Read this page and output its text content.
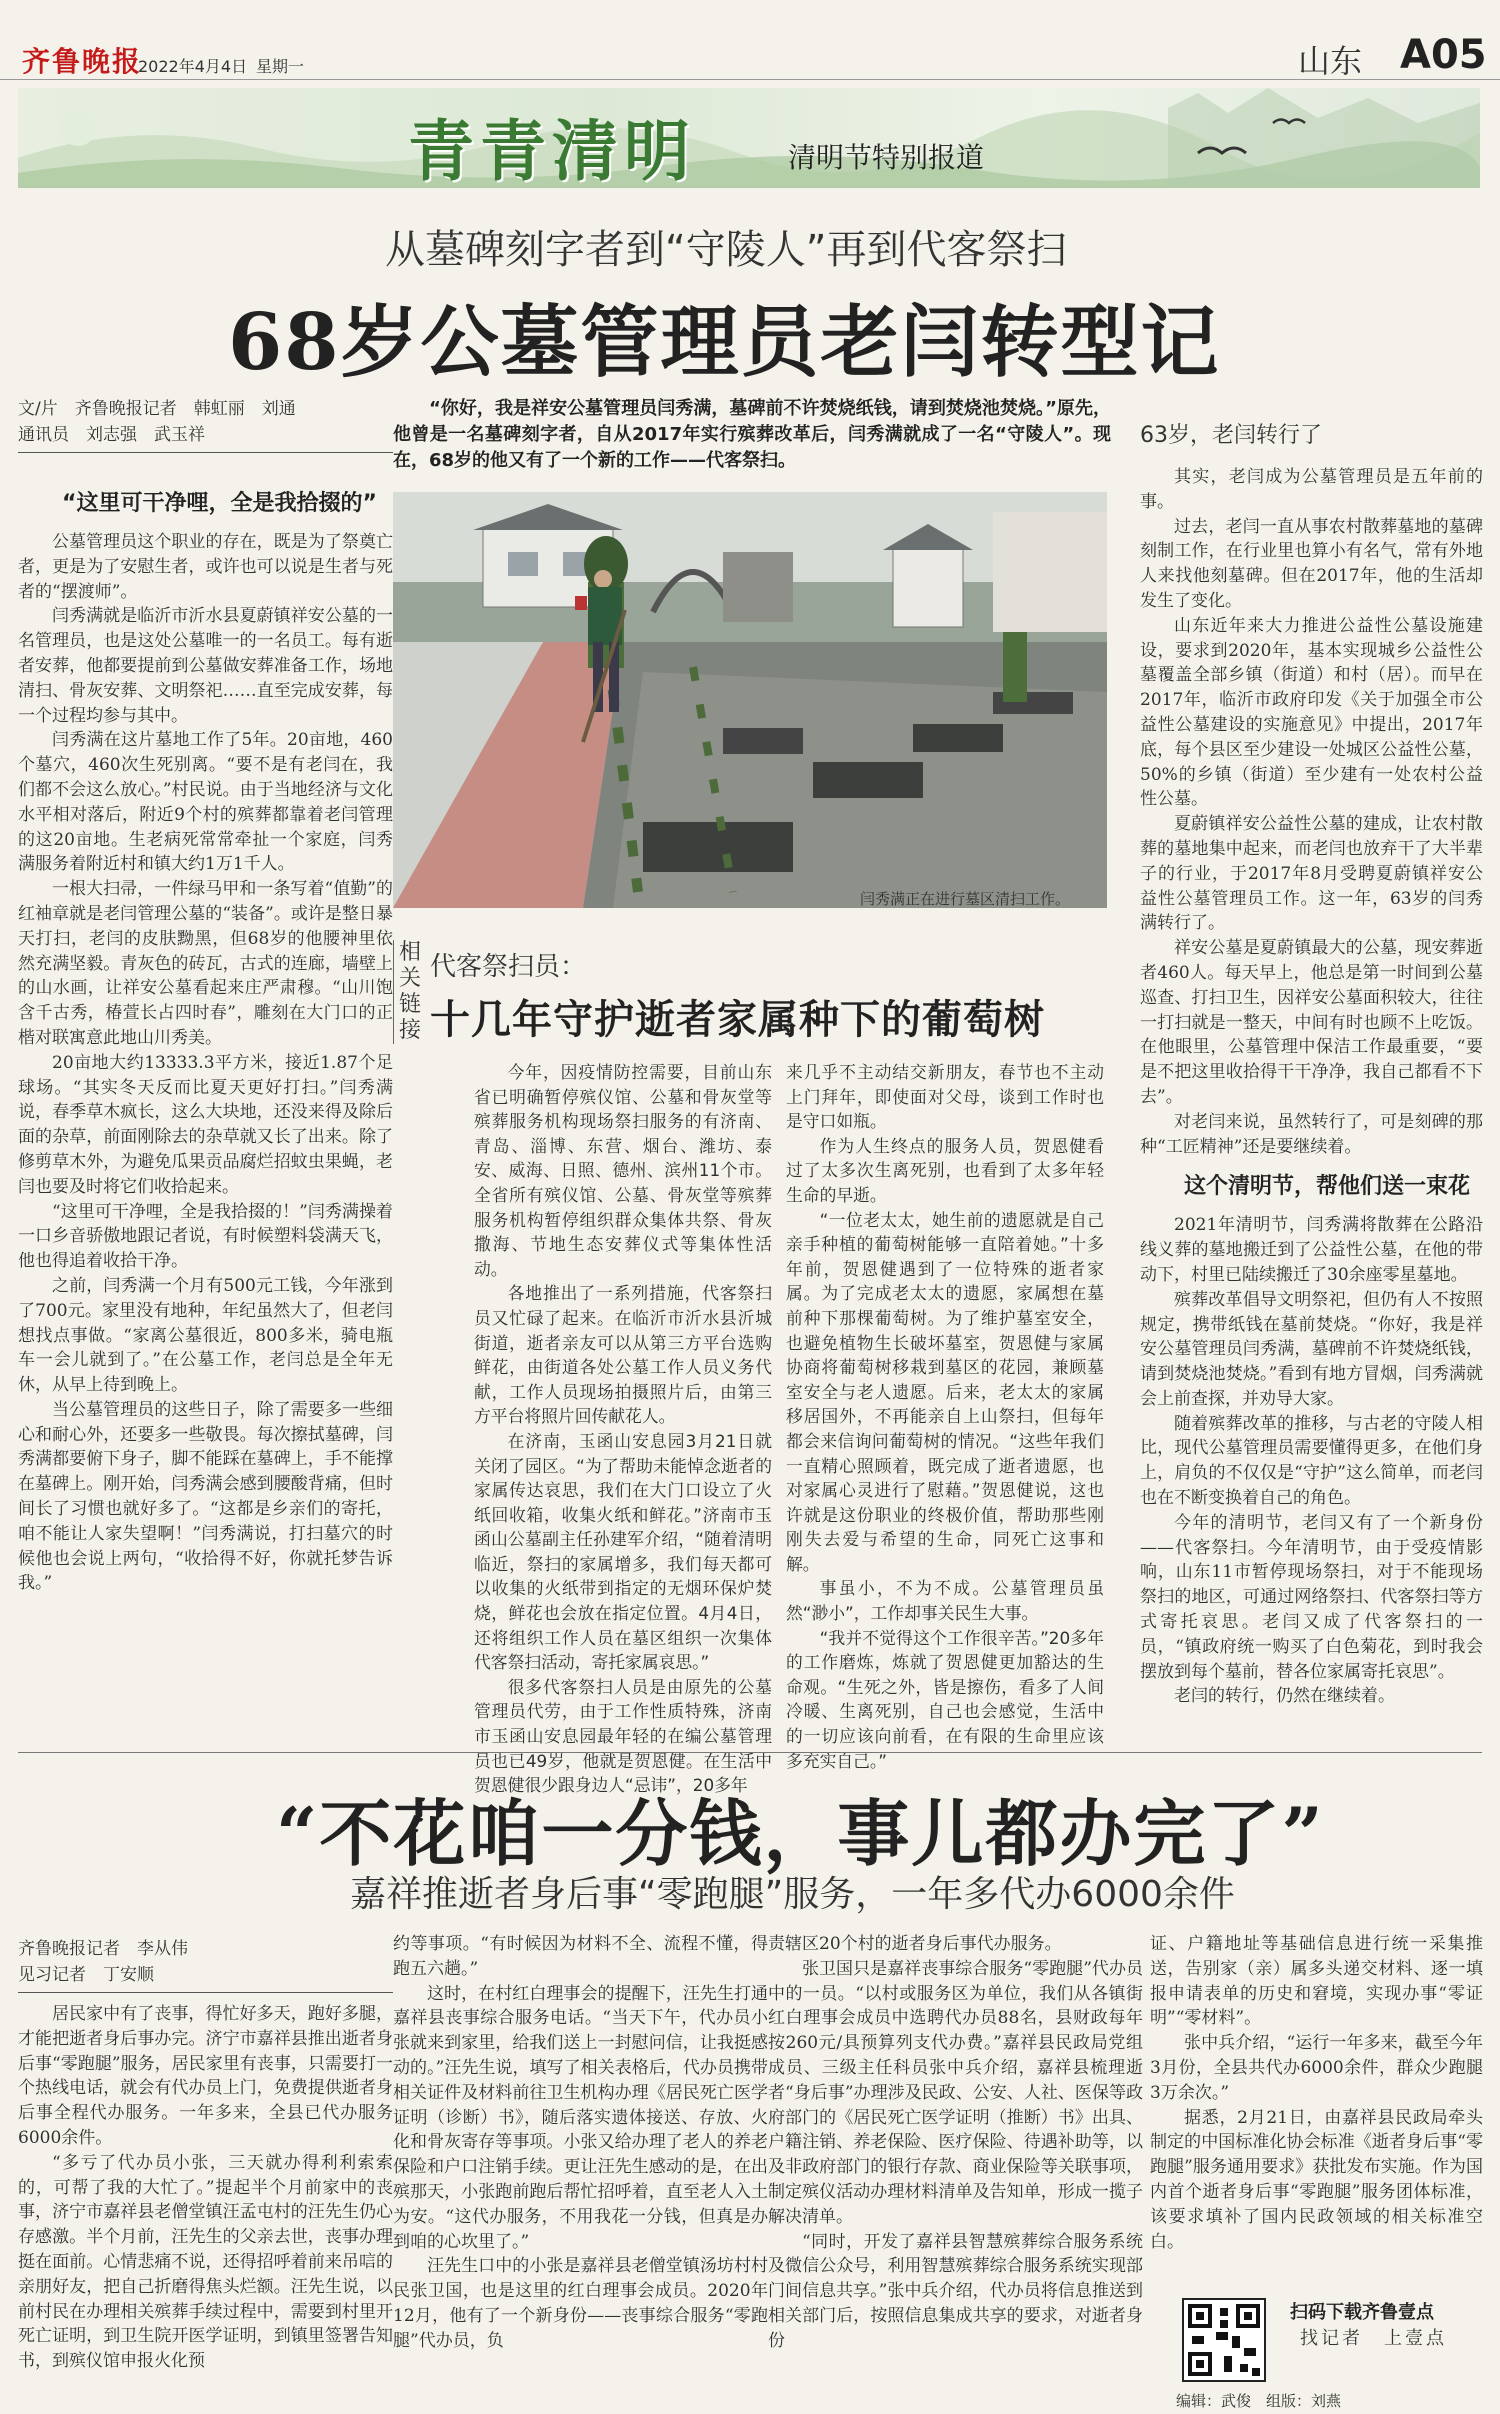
齐鲁晚报
2022年4月4日 星期一	山东 A05
青青清明	清明节特别报道
从墓碑刻字者到“守陵人”再到代客祭扫
68岁公墓管理员老闫转型记
文/片　齐鲁晚报记者　韩虹丽　刘通
通讯员　刘志强　武玉祥
“这里可干净哩，全是我拾掇的”

公墓管理员这个职业的存在，既是为了祭奠亡者，更是为了安慰生者，或许也可以说是生者与死者的“摆渡师”。

闫秀满就是临沂市沂水县夏蔚镇祥安公墓的一名管理员，也是这处公墓唯一的一名员工。每有逝者安葬，他都要提前到公墓做安葬准备工作，场地清扫、骨灰安葬、文明祭祀……直至完成安葬，每一个过程均参与其中。

闫秀满在这片墓地工作了5年。20亩地，460个墓穴，460次生死别离。“要不是有老闫在，我们都不会这么放心。”村民说。由于当地经济与文化水平相对落后，附近9个村的殡葬都靠着老闫管理的这20亩地。生老病死常常牵扯一个家庭，闫秀满服务着附近村和镇大约1万1千人。

一根大扫帚，一件绿马甲和一条写着“值勤”的红袖章就是老闫管理公墓的“装备”。或许是整日暴天打扫，老闫的皮肤黝黑，但68岁的他腰神里依然充满坚毅。青灰色的砖瓦，古式的连廊，墙壁上的山水画，让祥安公墓看起来庄严肃穆。“山川饱含千古秀，椿萱长占四时春”，雕刻在大门口的正楷对联寓意此地山川秀美。

20亩地大约13333.3平方米，接近1.87个足球场。“其实冬天反而比夏天更好打扫。”闫秀满说，春季草木疯长，这么大块地，还没来得及除后面的杂草，前面刚除去的杂草就又长了出来。除了修剪草木外，为避免瓜果贡品腐烂招蚊虫果蝇，老闫也要及时将它们收拾起来。

“这里可干净哩，全是我拾掇的！”闫秀满操着一口乡音骄傲地跟记者说，有时候塑料袋满天飞，他也得追着收拾干净。

之前，闫秀满一个月有500元工钱，今年涨到了700元。家里没有地种，年纪虽然大了，但老闫想找点事做。“家离公墓很近，800多米，骑电瓶车一会儿就到了。”在公墓工作，老闫总是全年无休，从早上待到晚上。

当公墓管理员的这些日子，除了需要多一些细心和耐心外，还要多一些敬畏。每次擦拭墓碑，闫秀满都要俯下身子，脚不能踩在墓碑上，手不能撑在墓碑上。刚开始，闫秀满会感到腰酸背痛，但时间长了习惯也就好多了。“这都是乡亲们的寄托，咱不能让人家失望啊！”闫秀满说，打扫墓穴的时候他也会说上两句，“收拾得不好，你就托梦告诉我。”

“你好，我是祥安公墓管理员闫秀满，墓碑前不许焚烧纸钱，请到焚烧池焚烧。”原先，他曾是一名墓碑刻字者，自从2017年实行殡葬改革后，闫秀满就成了一名“守陵人”。现在，68岁的他又有了一个新的工作——代客祭扫。
闫秀满正在进行墓区清扫工作。
63岁，老闫转行了

其实，老闫成为公墓管理员是五年前的事。

过去，老闫一直从事农村散葬墓地的墓碑刻制工作，在行业里也算小有名气，常有外地人来找他刻墓碑。但在2017年，他的生活却发生了变化。

山东近年来大力推进公益性公墓设施建设，要求到2020年，基本实现城乡公益性公墓覆盖全部乡镇（街道）和村（居）。而早在2017年，临沂市政府印发《关于加强全市公益性公墓建设的实施意见》中提出，2017年底，每个县区至少建设一处城区公益性公墓，50%的乡镇（街道）至少建有一处农村公益性公墓。

夏蔚镇祥安公益性公墓的建成，让农村散葬的墓地集中起来，而老闫也放弃干了大半辈子的行业，于2017年8月受聘夏蔚镇祥安公益性公墓管理员工作。这一年，63岁的闫秀满转行了。

祥安公墓是夏蔚镇最大的公墓，现安葬逝者460人。每天早上，他总是第一时间到公墓巡查、打扫卫生，因祥安公墓面积较大，往往一打扫就是一整天，中间有时也顾不上吃饭。在他眼里，公墓管理中保洁工作最重要，“要是不把这里收拾得干干净净，我自己都看不下去”。

对老闫来说，虽然转行了，可是刻碑的那种“工匠精神”还是要继续着。

这个清明节，帮他们送一束花

2021年清明节，闫秀满将散葬在公路沿线义葬的墓地搬迁到了公益性公墓，在他的带动下，村里已陆续搬迁了30余座零星墓地。

殡葬改革倡导文明祭祀，但仍有人不按照规定，携带纸钱在墓前焚烧。“你好，我是祥安公墓管理员闫秀满，墓碑前不许焚烧纸钱，请到焚烧池焚烧。”看到有地方冒烟，闫秀满就会上前查探，并劝导大家。

随着殡葬改革的推移，与古老的守陵人相比，现代公墓管理员需要懂得更多，在他们身上，肩负的不仅仅是“守护”这么简单，而老闫也在不断变换着自己的角色。

今年的清明节，老闫又有了一个新身份——代客祭扫。今年清明节，由于受疫情影响，山东11市暂停现场祭扫，对于不能现场祭扫的地区，可通过网络祭扫、代客祭扫等方式寄托哀思。老闫又成了代客祭扫的一员，“镇政府统一购买了白色菊花，到时我会摆放到每个墓前，替各位家属寄托哀思”。

老闫的转行，仍然在继续着。

相关链接
代客祭扫员：
十几年守护逝者家属种下的葡萄树

今年，因疫情防控需要，目前山东省已明确暂停殡仪馆、公墓和骨灰堂等殡葬服务机构现场祭扫服务的有济南、青岛、淄博、东营、烟台、潍坊、泰安、威海、日照、德州、滨州11个市。全省所有殡仪馆、公墓、骨灰堂等殡葬服务机构暂停组织群众集体共祭、骨灰撒海、节地生态安葬仪式等集体性活动。

各地推出了一系列措施，代客祭扫员又忙碌了起来。在临沂市沂水县沂城街道，逝者亲友可以从第三方平台选购鲜花，由街道各处公墓工作人员义务代献，工作人员现场拍摄照片后，由第三方平台将照片回传献花人。

在济南，玉函山安息园3月21日就关闭了园区。“为了帮助未能悼念逝者的家属传达哀思，我们在大门口设立了火纸回收箱，收集火纸和鲜花。”济南市玉函山公墓副主任孙建军介绍，“随着清明临近，祭扫的家属增多，我们每天都可以收集的火纸带到指定的无烟环保炉焚烧，鲜花也会放在指定位置。4月4日，还将组织工作人员在墓区组织一次集体代客祭扫活动，寄托家属哀思。”

很多代客祭扫人员是由原先的公墓管理员代劳，由于工作性质特殊，济南市玉函山安息园最年轻的在编公墓管理员也已49岁，他就是贺恩健。在生活中贺恩健很少跟身边人“忌讳”，20多年

来几乎不主动结交新朋友，春节也不主动上门拜年，即使面对父母，谈到工作时也是守口如瓶。

作为人生终点的服务人员，贺恩健看过了太多次生离死别，也看到了太多年轻生命的早逝。

“一位老太太，她生前的遗愿就是自己亲手种植的葡萄树能够一直陪着她。”十多年前，贺恩健遇到了一位特殊的逝者家属。为了完成老太太的遗愿，家属想在墓前种下那棵葡萄树。为了维护墓室安全，也避免植物生长破坏墓室，贺恩健与家属协商将葡萄树移栽到墓区的花园，兼顾墓室安全与老人遗愿。后来，老太太的家属移居国外，不再能亲自上山祭扫，但每年都会来信询问葡萄树的情况。“这些年我们一直精心照顾着，既完成了逝者遗愿，也对家属心灵进行了慰藉。”贺恩健说，这也许就是这份职业的终极价值，帮助那些刚刚失去爱与希望的生命，同死亡这事和解。

事虽小，不为不成。公墓管理员虽然“渺小”，工作却事关民生大事。

“我并不觉得这个工作很辛苦。”20多年的工作磨炼，炼就了贺恩健更加豁达的生命观。“生死之外，皆是擦伤，看多了人间冷暖、生离死别，自己也会感觉，生活中的一切应该向前看，在有限的生命里应该多充实自己。”

“不花咱一分钱，事儿都办完了”
嘉祥推逝者身后事“零跑腿”服务，一年多代办6000余件
齐鲁晚报记者　李从伟
见习记者　丁安顺

居民家中有了丧事，得忙好多天，跑好多腿，才能把逝者身后事办完。济宁市嘉祥县推出逝者身后事“零跑腿”服务，居民家里有丧事，只需要打一个热线电话，就会有代办员上门，免费提供逝者身后事全程代办服务。一年多来，全县已代办服务6000余件。

“多亏了代办员小张，三天就办得利利索索的，可帮了我的大忙了。”提起半个月前家中的丧事，济宁市嘉祥县老僧堂镇汪孟屯村的汪先生仍心存感激。半个月前，汪先生的父亲去世，丧事办理挺在面前。心情悲痛不说，还得招呼着前来吊唁的亲朋好友，把自己折磨得焦头烂额。汪先生说，以前村民在办理相关殡葬手续过程中，需要到村里开死亡证明，到卫生院开医学证明，到镇里签署告知书，到殡仪馆申报火化预

约等事项。“有时候因为材料不全、流程不懂，得跑五六趟。”

这时，在村红白理事会的提醒下，汪先生打通嘉祥县丧事综合服务电话。“当天下午，代办员小张就来到家里，给我们送上一封慰问信，让我挺感动的。”汪先生说，填写了相关表格后，代办员携带相关证件及材料前往卫生机构办理《居民死亡医学证明（诊断）书》，随后落实遗体接送、存放、火化和骨灰寄存等事项。小张又给办理了老人的养老保险和户口注销手续。更让汪先生感动的是，在出殡那天，小张跑前跑后帮忙招呼着，直至老人入土为安。“这代办服务，不用我花一分钱，但真是办到咱的心坎里了。”

汪先生口中的小张是嘉祥县老僧堂镇汤坊村村民张卫国，也是这里的红白理事会成员。2020年12月，他有了一个新身份——丧事综合服务“零跑腿”代办员，负

责辖区20个村的逝者身后事代办服务。

张卫国只是嘉祥丧事综合服务“零跑腿”代办员中的一员。“以村或服务区为单位，我们从各镇街红白理事会成员中选聘代办员88名，县财政每年按260元/具预算列支代办费。”嘉祥县民政局党组成员、三级主任科员张中兵介绍，嘉祥县梳理逝者“身后事”办理涉及民政、公安、人社、医保等政府部门的《居民死亡医学证明（推断）书》出具、户籍注销、养老保险、医疗保险、待遇补助等，以及非政府部门的银行存款、商业保险等关联事项，制定殡仪活动办理材料清单及告知单，形成一揽子解决清单。

“同时，开发了嘉祥县智慧殡葬综合服务系统及微信公众号，利用智慧殡葬综合服务系统实现部门间信息共享。”张中兵介绍，代办员将信息推送到相关部门后，按照信息集成共享的要求，对逝者身份

证、户籍地址等基础信息进行统一采集推送，告别家（亲）属多头递交材料、逐一填报申请表单的历史和窘境，实现办事“零证明”“零材料”。

张中兵介绍，“运行一年多来，截至今年3月份，全县共代办6000余件，群众少跑腿3万余次。”

据悉，2月21日，由嘉祥县民政局牵头制定的中国标准化协会标准《逝者身后事“零跑腿”服务通用要求》获批发布实施。作为国内首个逝者身后事“零跑腿”服务团体标准，该要求填补了国内民政领域的相关标准空白。

扫码下载齐鲁壹点
找记者　上壹点
编辑：武俊　组版：刘燕
